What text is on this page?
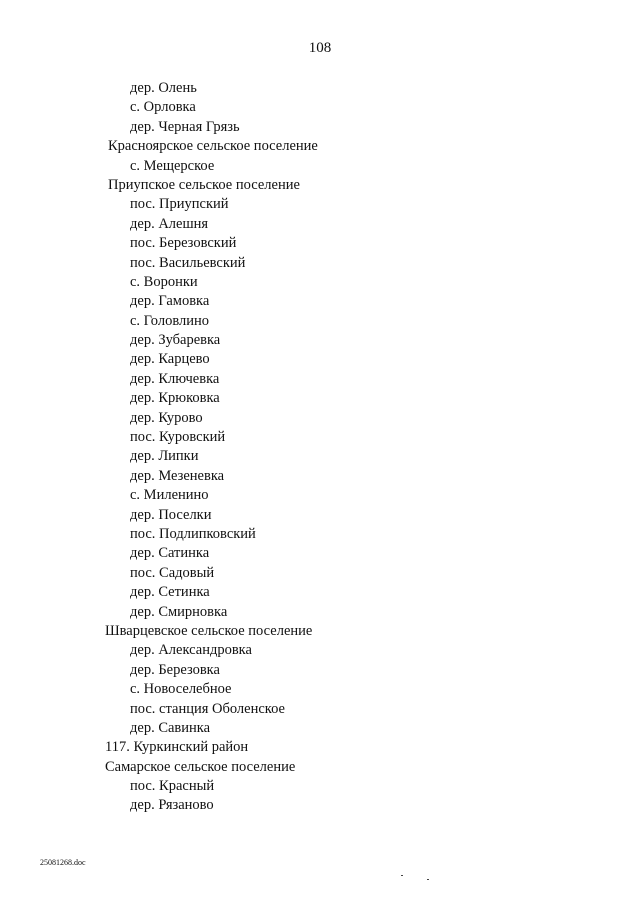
108
дер. Олень
с. Орловка
дер. Черная Грязь
Красноярское сельское поселение
с. Мещерское
Приупское сельское поселение
пос. Приупский
дер. Алешня
пос. Березовский
пос. Васильевский
с. Воронки
дер. Гамовка
с. Головлино
дер. Зубаревка
дер. Карцево
дер. Ключевка
дер. Крюковка
дер. Курово
пос. Куровский
дер. Липки
дер. Мезеневка
с. Миленино
дер. Поселки
пос. Подлипковский
дер. Сатинка
пос. Садовый
дер. Сетинка
дер. Смирновка
Шварцевское сельское поселение
дер. Александровка
дер. Березовка
с. Новоселебное
пос. станция Оболенское
дер. Савинка
117. Куркинский район
Самарское сельское поселение
пос. Красный
дер. Рязаново
25081268.doc
